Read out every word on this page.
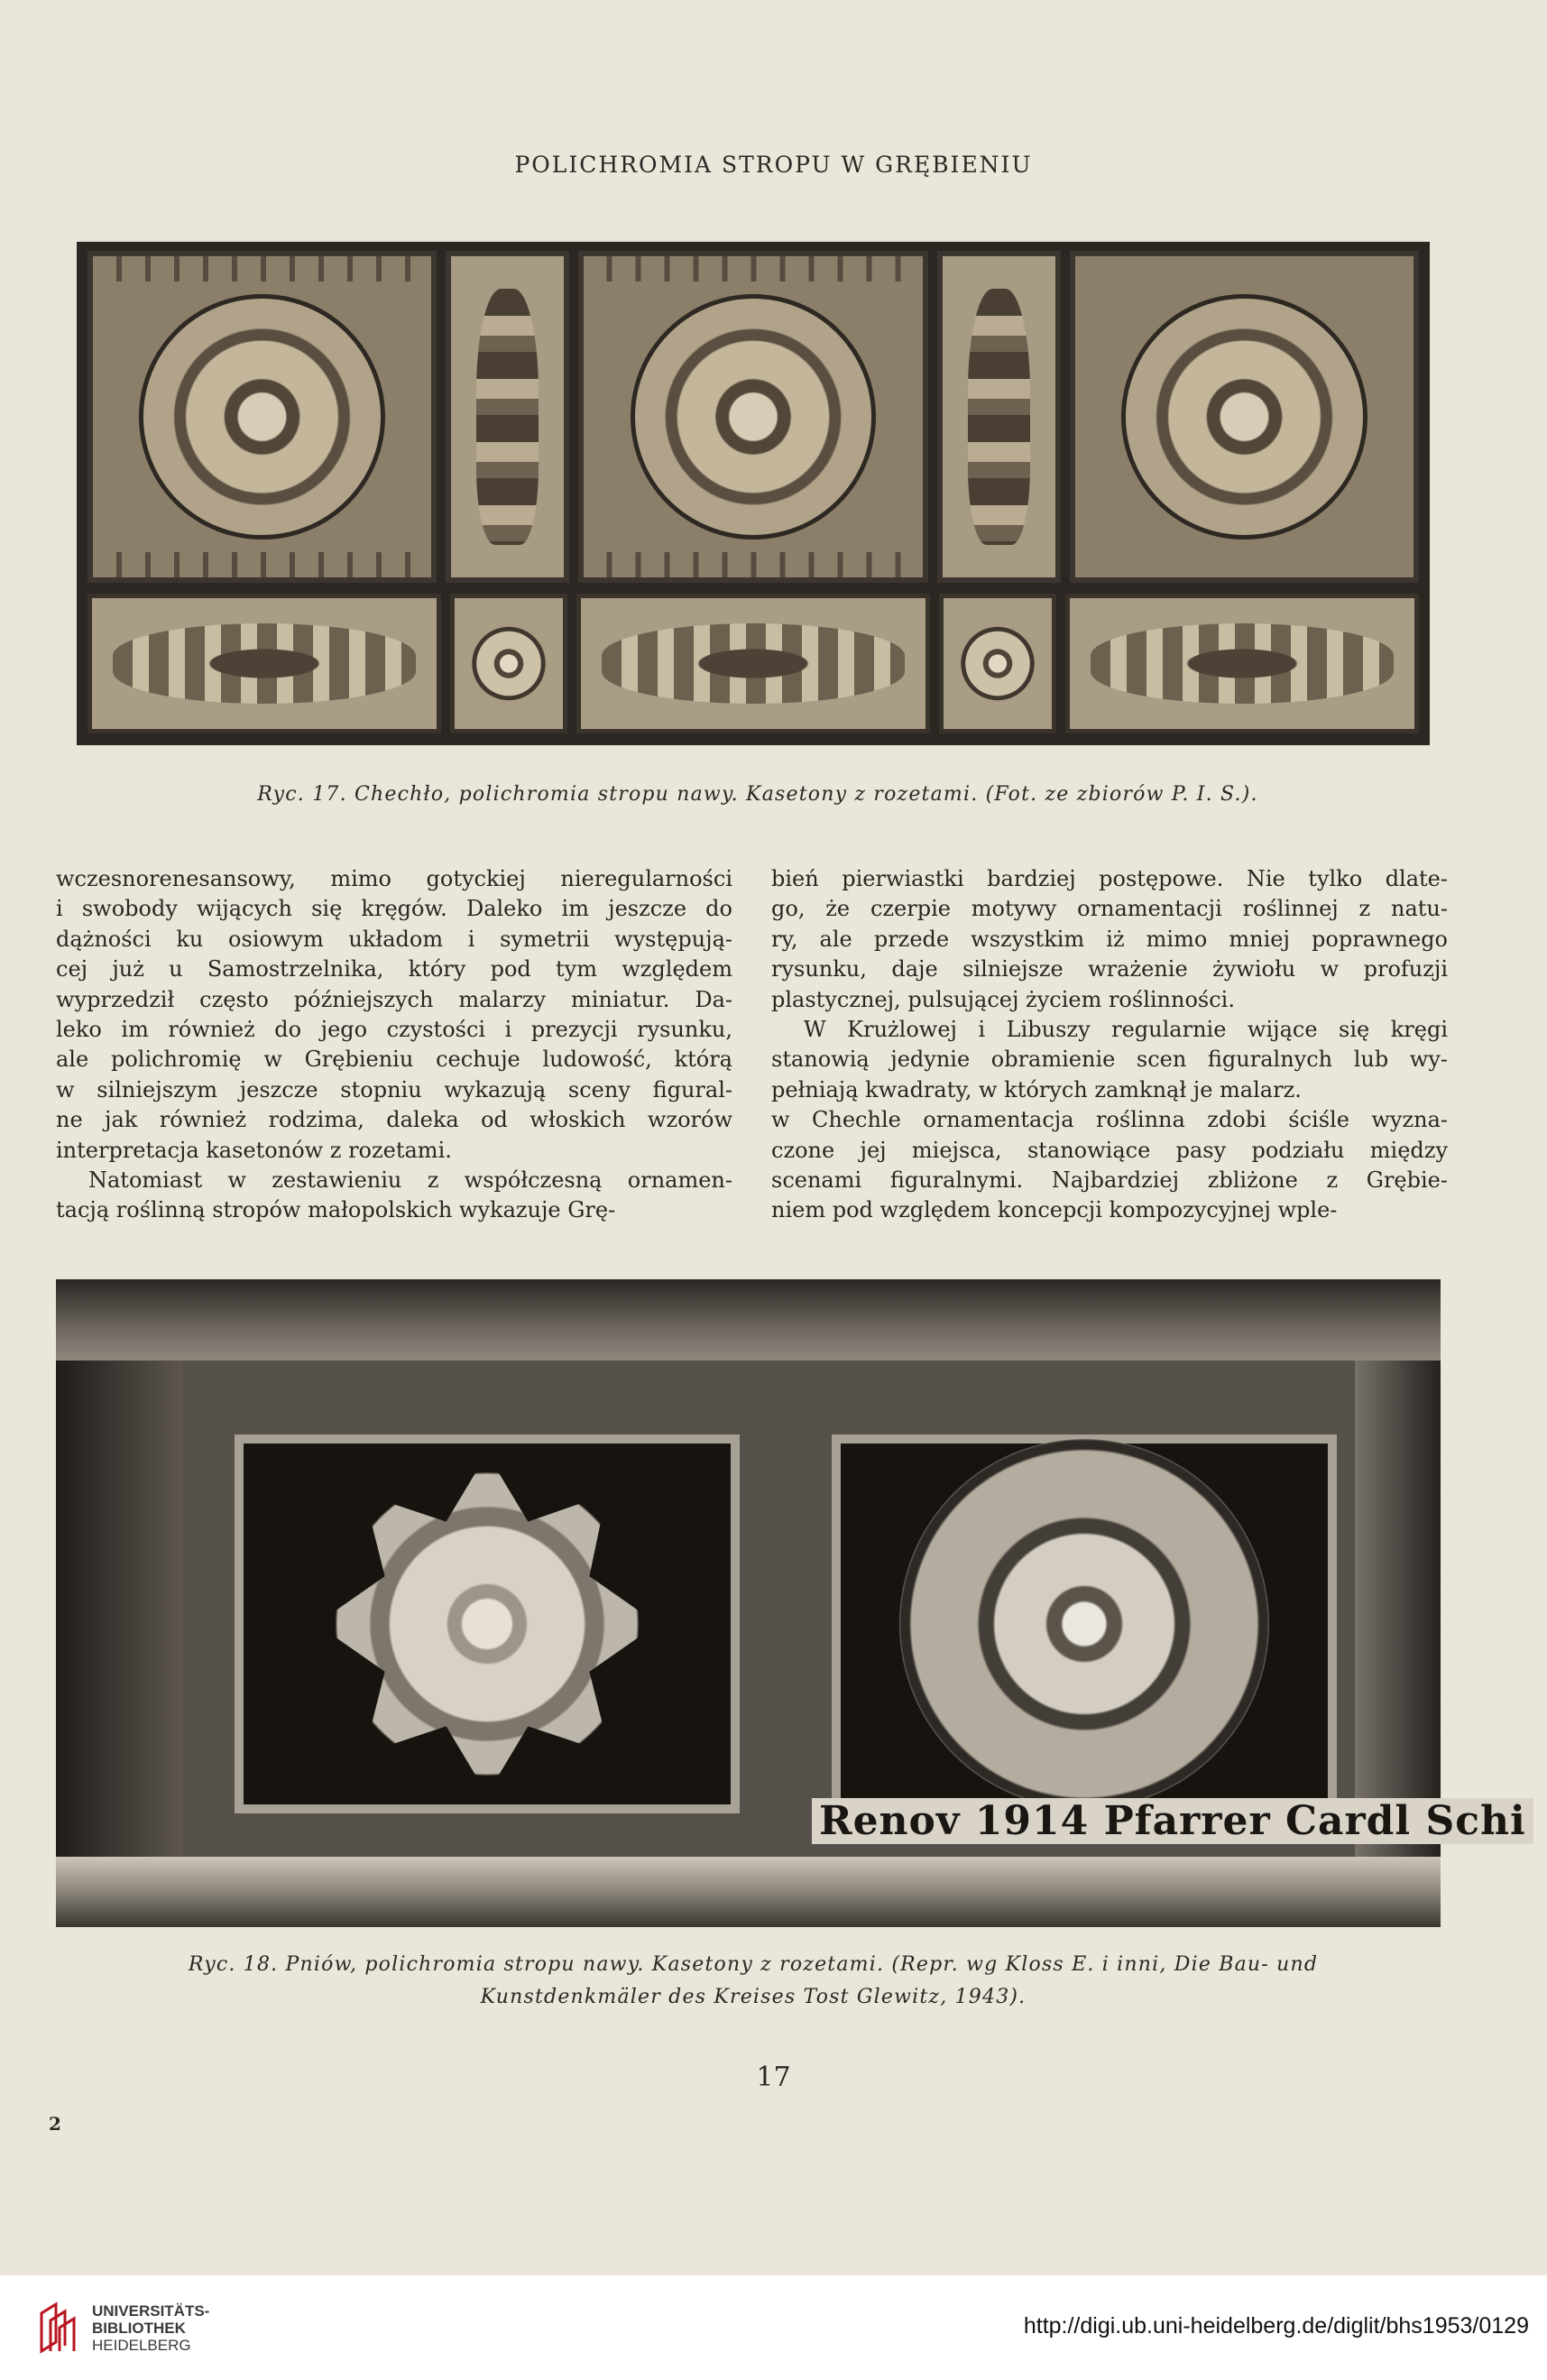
POLICHROMIA STROPU W GRĘBIENIU
Ryc. 17. Chechło, polichromia stropu nawy. Kasetony z rozetami. (Fot. ze zbiorów P. I. S.).
wczesnorenesansowy, mimo gotyckiej nieregularności
i swobody wijących się kręgów. Daleko im jeszcze do
dążności ku osiowym układom i symetrii występują-
cej już u Samostrzelnika, który pod tym względem
wyprzedził często późniejszych malarzy miniatur. Da-
leko im również do jego czystości i prezycji rysunku,
ale polichromię w Grębieniu cechuje ludowość, którą
w silniejszym jeszcze stopniu wykazują sceny figural-
ne jak również rodzima, daleka od włoskich wzorów
interpretacja kasetonów z rozetami.
Natomiast w zestawieniu z współczesną ornamen-
tacją roślinną stropów małopolskich wykazuje Grę-
bień pierwiastki bardziej postępowe. Nie tylko dlate-
go, że czerpie motywy ornamentacji roślinnej z natu-
ry, ale przede wszystkim iż mimo mniej poprawnego
rysunku, daje silniejsze wrażenie żywiołu w profuzji
plastycznej, pulsującej życiem roślinności.
W Krużlowej i Libuszy regularnie wijące się kręgi
stanowią jedynie obramienie scen figuralnych lub wy-
pełniają kwadraty, w których zamknął je malarz.
w Chechle ornamentacja roślinna zdobi ściśle wyzna-
czone jej miejsca, stanowiące pasy podziału między
scenami figuralnymi. Najbardziej zbliżone z Grębie-
niem pod względem koncepcji kompozycyjnej wple-
Renov 1914 Pfarrer Cardl Schi
Ryc. 18. Pniów, polichromia stropu nawy. Kasetony z rozetami. (Repr. wg Kloss E. i inni, Die Bau- und
Kunstdenkmäler des Kreises Tost Glewitz, 1943).
17
2
UNIVERSITÄTS-
BIBLIOTHEK
HEIDELBERG
http://digi.ub.uni-heidelberg.de/diglit/bhs1953/0129
